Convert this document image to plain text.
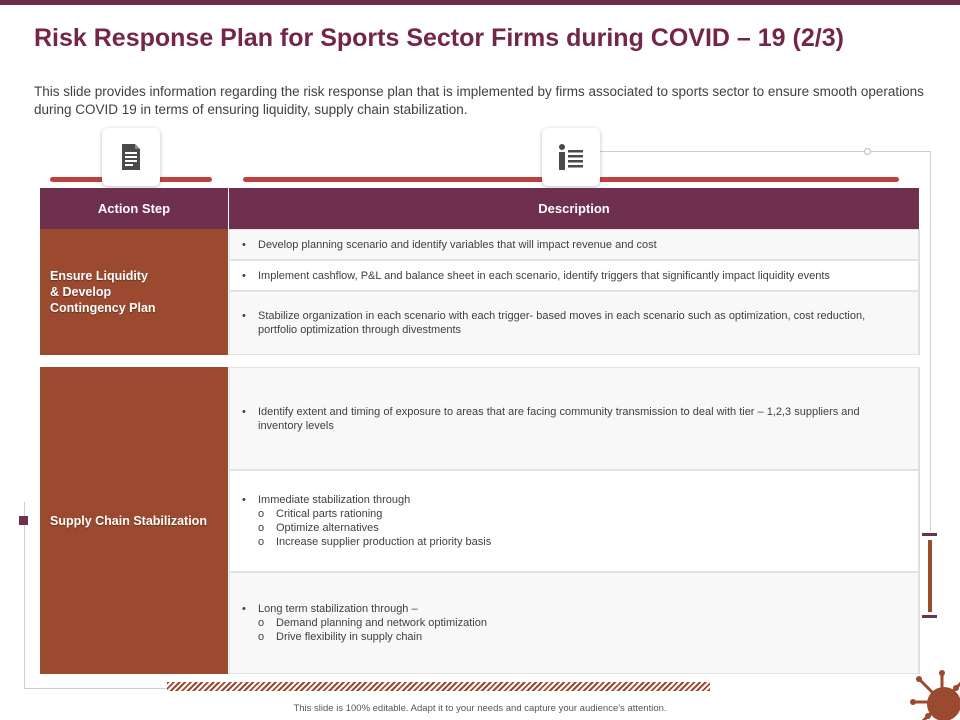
Risk Response Plan for Sports Sector Firms during COVID – 19 (2/3)
This slide provides information regarding the risk response plan that is implemented by firms associated to sports sector to ensure smooth operations during COVID 19 in terms of ensuring liquidity, supply chain stabilization.
Action Step	Description
Ensure Liquidity
& Develop
Contingency Plan
•	Develop planning scenario and identify variables that will impact revenue and cost
•	Implement cashflow, P&L and balance sheet in each scenario, identify triggers that significantly impact liquidity events
•	Stabilize organization in each scenario with each trigger- based moves in each scenario such as optimization, cost reduction, portfolio optimization through divestments
Supply Chain Stabilization
•	Identify extent and timing of exposure to areas that are facing community transmission to deal with tier – 1,2,3 suppliers and inventory levels
•	Immediate stabilization through
o	Critical parts rationing
o	Optimize alternatives
o	Increase supplier production at priority basis
•	Long term stabilization through –
o	Demand planning and network optimization
o	Drive flexibility in supply chain
This slide is 100% editable. Adapt it to your needs and capture your audience's attention.
